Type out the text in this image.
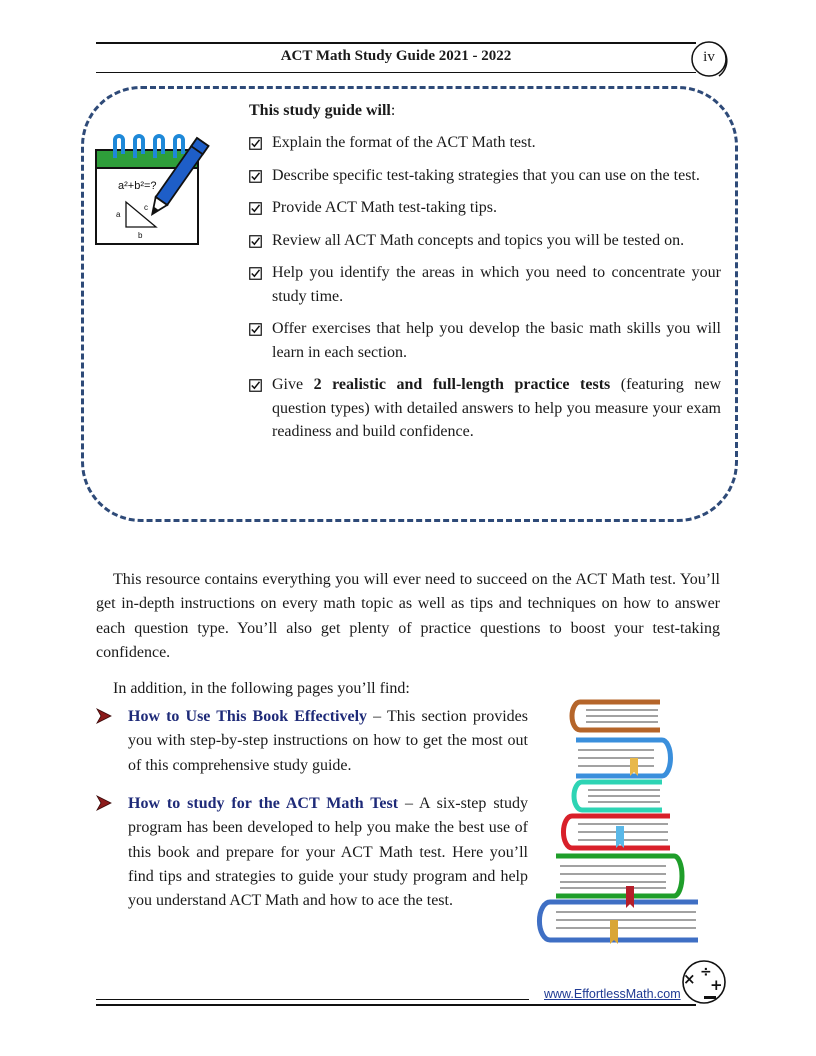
ACT Math Study Guide 2021 - 2022	iv
a²+b²=?
a
b
c
This study guide will:
Explain the format of the ACT Math test.
Describe specific test-taking strategies that you can use on the test.
Provide ACT Math test-taking tips.
Review all ACT Math concepts and topics you will be tested on.
Help you identify the areas in which you need to concentrate your study time.
Offer exercises that help you develop the basic math skills you will learn in each section.
Give 2 realistic and full-length practice tests (featuring new question types) with detailed answers to help you measure your exam readiness and build confidence.

This resource contains everything you will ever need to succeed on the ACT Math test. You’ll get in-depth instructions on every math topic as well as tips and techniques on how to answer each question type. You’ll also get plenty of practice questions to boost your test-taking confidence.

In addition, in the following pages you’ll find:

How to Use This Book Effectively – This section provides you with step-by-step instructions on how to get the most out of this comprehensive study guide.
How to study for the ACT Math Test – A six-step study program has been developed to help you make the best use of this book and prepare for your ACT Math test. Here you’ll find tips and strategies to guide your study program and help you understand ACT Math and how to ace the test.
www.EffortlessMath.com
× ÷
+
